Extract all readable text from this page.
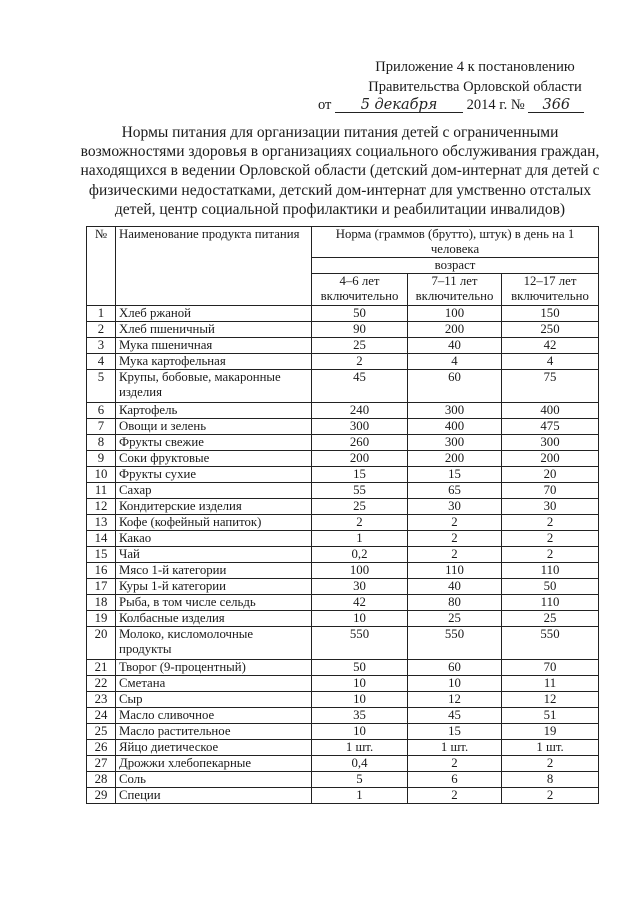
Приложение 4 к постановлению
Правительства Орловской области
от 5 декабря 2014 г. № 366
Нормы питания для организации питания детей с ограниченными возможностями здоровья в организациях социального обслуживания граждан, находящихся в ведении Орловской области (детский дом-интернат для детей с физическими недостатками, детский дом-интернат для умственно отсталых детей, центр социальной профилактики и реабилитации инвалидов)
№	Наименование продукта питания	Норма (граммов (брутто), штук) в день на 1 человека		
		возраст		
		4–6 лет включительно	7–11 лет включительно	12–17 лет включительно
1	Хлеб ржаной	50	100	150
2	Хлеб пшеничный	90	200	250
3	Мука пшеничная	25	40	42
4	Мука картофельная	2	4	4
5	Крупы, бобовые, макаронные изделия	45	60	75
6	Картофель	240	300	400
7	Овощи и зелень	300	400	475
8	Фрукты свежие	260	300	300
9	Соки фруктовые	200	200	200
10	Фрукты сухие	15	15	20
11	Сахар	55	65	70
12	Кондитерские изделия	25	30	30
13	Кофе (кофейный напиток)	2	2	2
14	Какао	1	2	2
15	Чай	0,2	2	2
16	Мясо 1-й категории	100	110	110
17	Куры 1-й категории	30	40	50
18	Рыба, в том числе сельдь	42	80	110
19	Колбасные изделия	10	25	25
20	Молоко, кисломолочные продукты	550	550	550
21	Творог (9-процентный)	50	60	70
22	Сметана	10	10	11
23	Сыр	10	12	12
24	Масло сливочное	35	45	51
25	Масло растительное	10	15	19
26	Яйцо диетическое	1 шт.	1 шт.	1 шт.
27	Дрожжи хлебопекарные	0,4	2	2
28	Соль	5	6	8
29	Специи	1	2	2
